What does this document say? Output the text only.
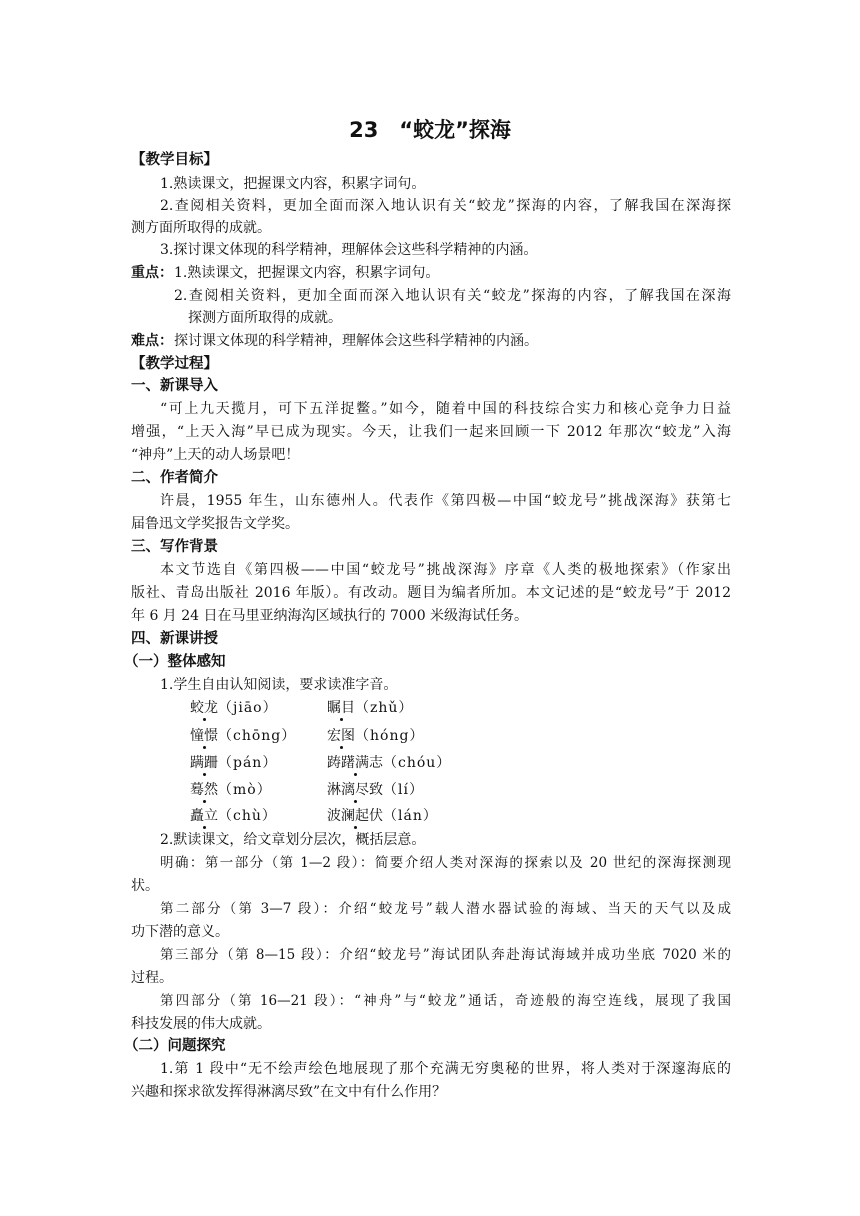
23　“蛟龙”探海
【教学目标】
1.熟读课文，把握课文内容，积累字词句。
2.查阅相关资料，更加全面而深入地认识有关“蛟龙”探海的内容，了解我国在深海探
测方面所取得的成就。
3.探讨课文体现的科学精神，理解体会这些科学精神的内涵。
重点： 1.熟读课文，把握课文内容，积累字词句。
2.查阅相关资料，更加全面而深入地认识有关“蛟龙”探海的内容，了解我国在深海
探测方面所取得的成就。
难点： 探讨课文体现的科学精神，理解体会这些科学精神的内涵。
【教学过程】
一、新课导入
“可上九天揽月，可下五洋捉鳖。”如今，随着中国的科技综合实力和核心竞争力日益
增强，“上天入海”早已成为现实。今天，让我们一起来回顾一下 2012 年那次“蛟龙”入海
“神舟”上天的动人场景吧！
二、作者简介
许晨，1955 年生，山东德州人。代表作《第四极—中国“蛟龙号”挑战深海》获第七
届鲁迅文学奖报告文学奖。
三、写作背景
本文节选自《第四极——中国“蛟龙号”挑战深海》序章《人类的极地探索》（作家出
版社、青岛出版社 2016 年版）。有改动。题目为编者所加。本文记述的是“蛟龙号”于 2012
年 6 月 24 日在马里亚纳海沟区域执行的 7000 米级海试任务。
四、新课讲授
（一）整体感知
1.学生自由认知阅读，要求读准字音。
蛟龙（jiāo）	瞩目（zhǔ）
憧憬（chōng） 宏图（hóng）
蹒跚（pán）	踌躇满志（chóu）
蓦然（mò）	淋漓尽致（lí）
矗立（chù）	波澜起伏（lán）
2.默读课文，给文章划分层次，概括层意。
明确：第一部分（第 1—2 段）：简要介绍人类对深海的探索以及 20 世纪的深海探测现
状。
第二部分（第 3—7 段）：介绍“蛟龙号”载人潜水器试验的海域、当天的天气以及成
功下潜的意义。
第三部分（第 8—15 段）：介绍“蛟龙号”海试团队奔赴海试海域并成功坐底 7020 米的
过程。
第四部分（第 16—21 段）：“神舟”与“蛟龙”通话，奇迹般的海空连线，展现了我国
科技发展的伟大成就。
（二）问题探究
1.第 1 段中“无不绘声绘色地展现了那个充满无穷奥秘的世界，将人类对于深邃海底的
兴趣和探求欲发挥得淋漓尽致”在文中有什么作用？
